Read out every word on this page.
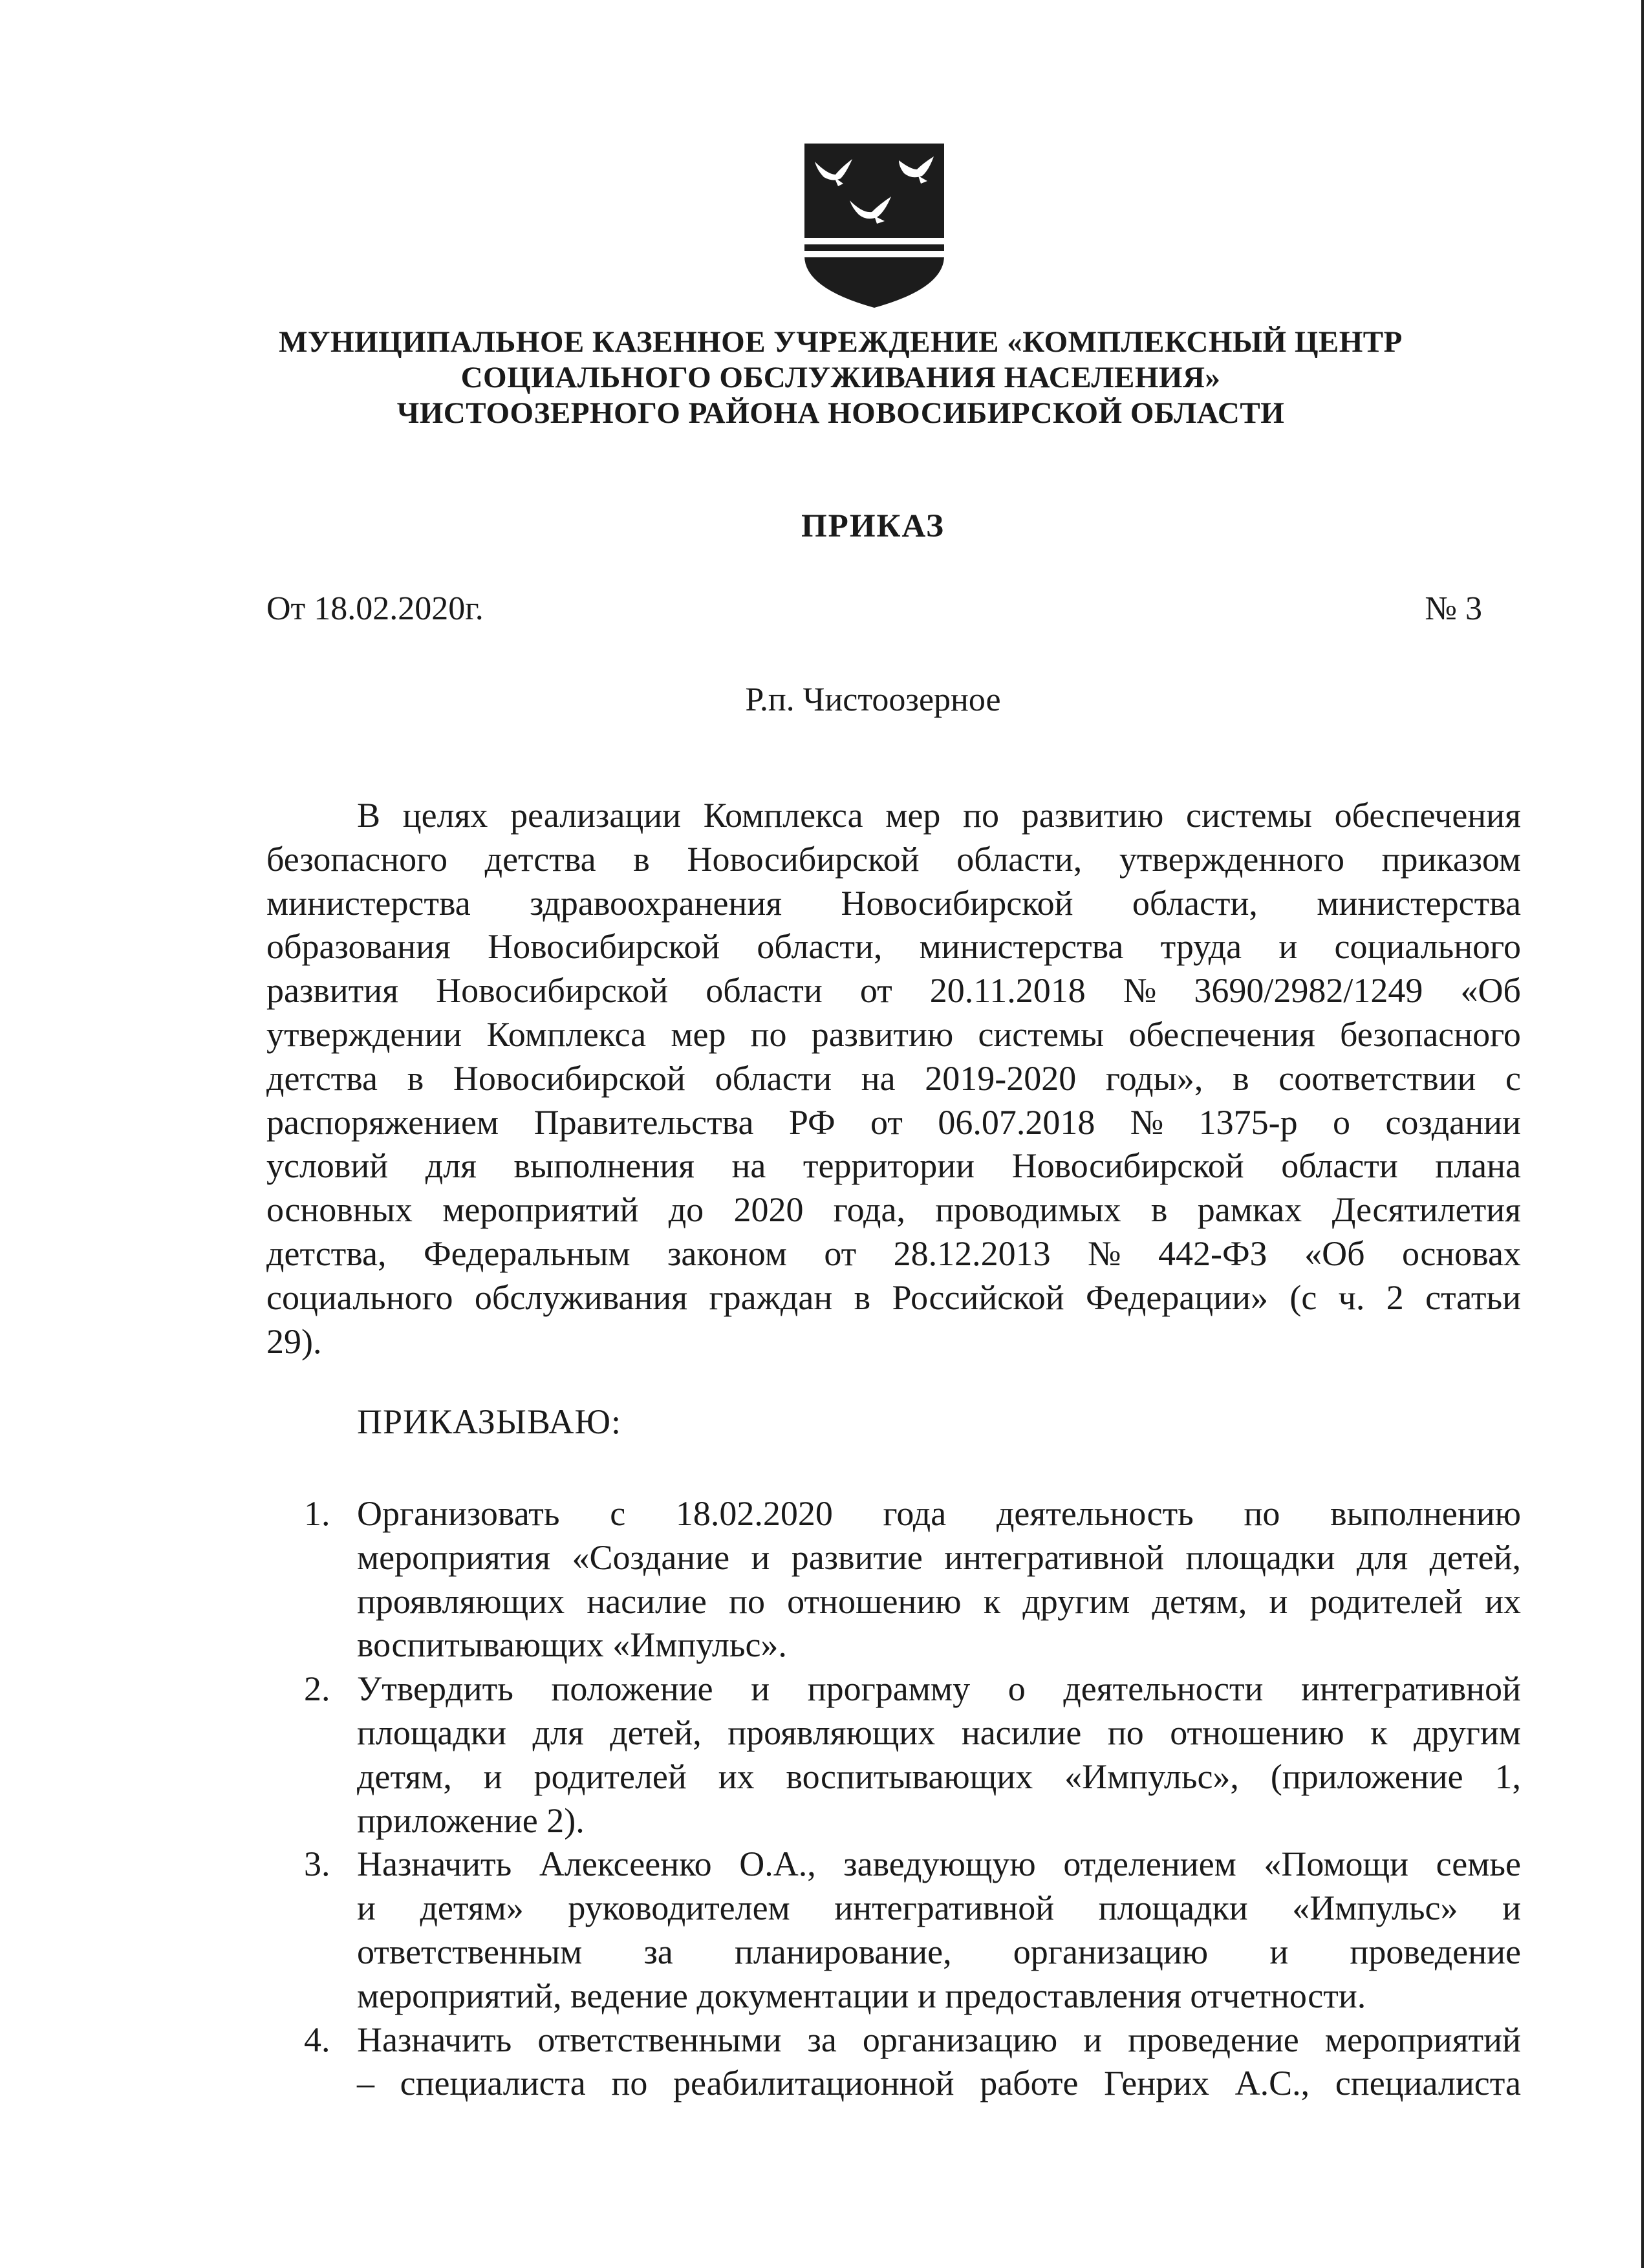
МУНИЦИПАЛЬНОЕ КАЗЕННОЕ УЧРЕЖДЕНИЕ «КОМПЛЕКСНЫЙ ЦЕНТР
СОЦИАЛЬНОГО ОБСЛУЖИВАНИЯ НАСЕЛЕНИЯ»
ЧИСТООЗЕРНОГО РАЙОНА НОВОСИБИРСКОЙ ОБЛАСТИ
ПРИКАЗ
От 18.02.2020г.	№ 3
Р.п. Чистоозерное
В целях реализации Комплекса мер по развитию системы обеспечения
безопасного детства в Новосибирской области, утвержденного приказом
министерства здравоохранения Новосибирской области, министерства
образования Новосибирской области, министерства труда и социального
развития Новосибирской области от 20.11.2018 № 3690/2982/1249 «Об
утверждении Комплекса мер по развитию системы обеспечения безопасного
детства в Новосибирской области на 2019-2020 годы», в соответствии с
распоряжением Правительства РФ от 06.07.2018 № 1375-р о создании
условий для выполнения на территории Новосибирской области плана
основных мероприятий до 2020 года, проводимых в рамках Десятилетия
детства, Федеральным законом от 28.12.2013 № 442-ФЗ «Об основах
социального обслуживания граждан в Российской Федерации» (с ч. 2 статьи
29).
ПРИКАЗЫВАЮ:
1. Организовать с 18.02.2020 года деятельность по выполнению
мероприятия «Создание и развитие интегративной площадки для детей,
проявляющих насилие по отношению к другим детям, и родителей их
воспитывающих «Импульс».
2. Утвердить положение и программу о деятельности интегративной
площадки для детей, проявляющих насилие по отношению к другим
детям, и родителей их воспитывающих «Импульс», (приложение 1,
приложение 2).
3. Назначить Алексеенко О.А., заведующую отделением «Помощи семье
и детям» руководителем интегративной площадки «Импульс» и
ответственным за планирование, организацию и проведение
мероприятий, ведение документации и предоставления отчетности.
4. Назначить ответственными за организацию и проведение мероприятий
– специалиста по реабилитационной работе Генрих А.С., специалиста
